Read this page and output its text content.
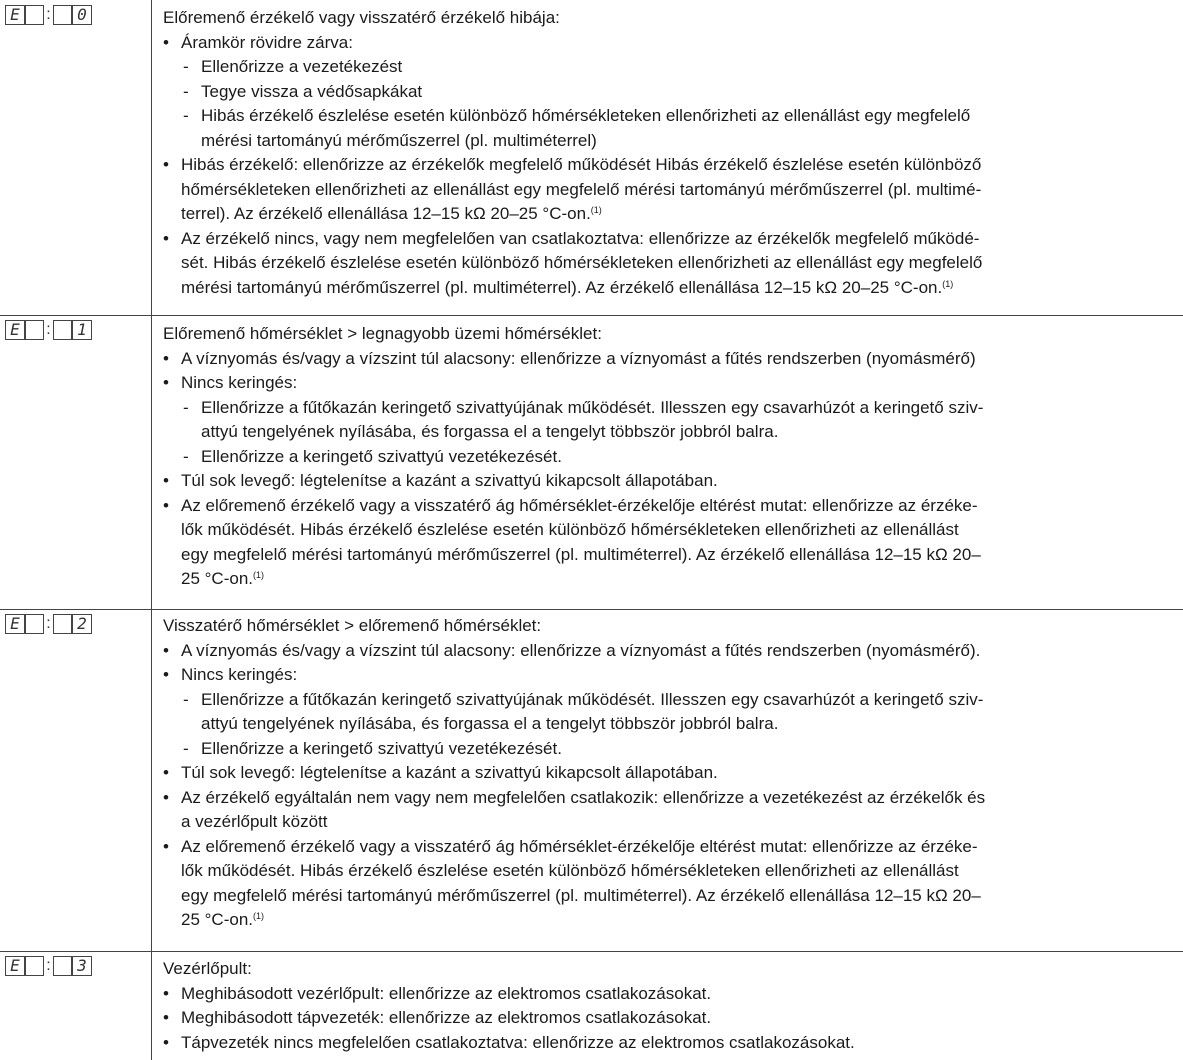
E	:	0	Előremenő érzékelő vagy visszatérő érzékelő hibája:
• Áramkör rövidre zárva:
- Ellenőrizze a vezetékezést
- Tegye vissza a védősapkákat
- Hibás érzékelő észlelése esetén különböző hőmérsékleteken ellenőrizheti az ellenállást egy megfelelő
mérési tartományú mérőműszerrel (pl. multiméterrel)
• Hibás érzékelő: ellenőrizze az érzékelők megfelelő működését Hibás érzékelő észlelése esetén különböző
hőmérsékleteken ellenőrizheti az ellenállást egy megfelelő mérési tartományú mérőműszerrel (pl. multimé-
terrel). Az érzékelő ellenállása 12–15 kΩ 20–25 °C-on.$^{(1)}$
• Az érzékelő nincs, vagy nem megfelelően van csatlakoztatva: ellenőrizze az érzékelők megfelelő működé-
sét. Hibás érzékelő észlelése esetén különböző hőmérsékleteken ellenőrizheti az ellenállást egy megfelelő
mérési tartományú mérőműszerrel (pl. multiméterrel). Az érzékelő ellenállása 12–15 kΩ 20–25 °C-on.$^{(1)}$
E	:	1	Előremenő hőmérséklet > legnagyobb üzemi hőmérséklet:
• A víznyomás és/vagy a vízszint túl alacsony: ellenőrizze a víznyomást a fűtés rendszerben (nyomásmérő)
• Nincs keringés:
- Ellenőrizze a fűtőkazán keringető szivattyújának működését. Illesszen egy csavarhúzót a keringető sziv-
attyú tengelyének nyílásába, és forgassa el a tengelyt többször jobbról balra.
- Ellenőrizze a keringető szivattyú vezetékezését.
• Túl sok levegő: légtelenítse a kazánt a szivattyú kikapcsolt állapotában.
• Az előremenő érzékelő vagy a visszatérő ág hőmérséklet-érzékelője eltérést mutat: ellenőrizze az érzéke-
lők működését. Hibás érzékelő észlelése esetén különböző hőmérsékleteken ellenőrizheti az ellenállást
egy megfelelő mérési tartományú mérőműszerrel (pl. multiméterrel). Az érzékelő ellenállása 12–15 kΩ 20–
25 °C-on.$^{(1)}$
E	:	2	Visszatérő hőmérséklet > előremenő hőmérséklet:
• A víznyomás és/vagy a vízszint túl alacsony: ellenőrizze a víznyomást a fűtés rendszerben (nyomásmérő).
• Nincs keringés:
- Ellenőrizze a fűtőkazán keringető szivattyújának működését. Illesszen egy csavarhúzót a keringető sziv-
attyú tengelyének nyílásába, és forgassa el a tengelyt többször jobbról balra.
- Ellenőrizze a keringető szivattyú vezetékezését.
• Túl sok levegő: légtelenítse a kazánt a szivattyú kikapcsolt állapotában.
• Az érzékelő egyáltalán nem vagy nem megfelelően csatlakozik: ellenőrizze a vezetékezést az érzékelők és
a vezérlőpult között
• Az előremenő érzékelő vagy a visszatérő ág hőmérséklet-érzékelője eltérést mutat: ellenőrizze az érzéke-
lők működését. Hibás érzékelő észlelése esetén különböző hőmérsékleteken ellenőrizheti az ellenállást
egy megfelelő mérési tartományú mérőműszerrel (pl. multiméterrel). Az érzékelő ellenállása 12–15 kΩ 20–
25 °C-on.$^{(1)}$
E	:	3	Vezérlőpult:
• Meghibásodott vezérlőpult: ellenőrizze az elektromos csatlakozásokat.
• Meghibásodott tápvezeték: ellenőrizze az elektromos csatlakozásokat.
• Tápvezeték nincs megfelelően csatlakoztatva: ellenőrizze az elektromos csatlakozásokat.
